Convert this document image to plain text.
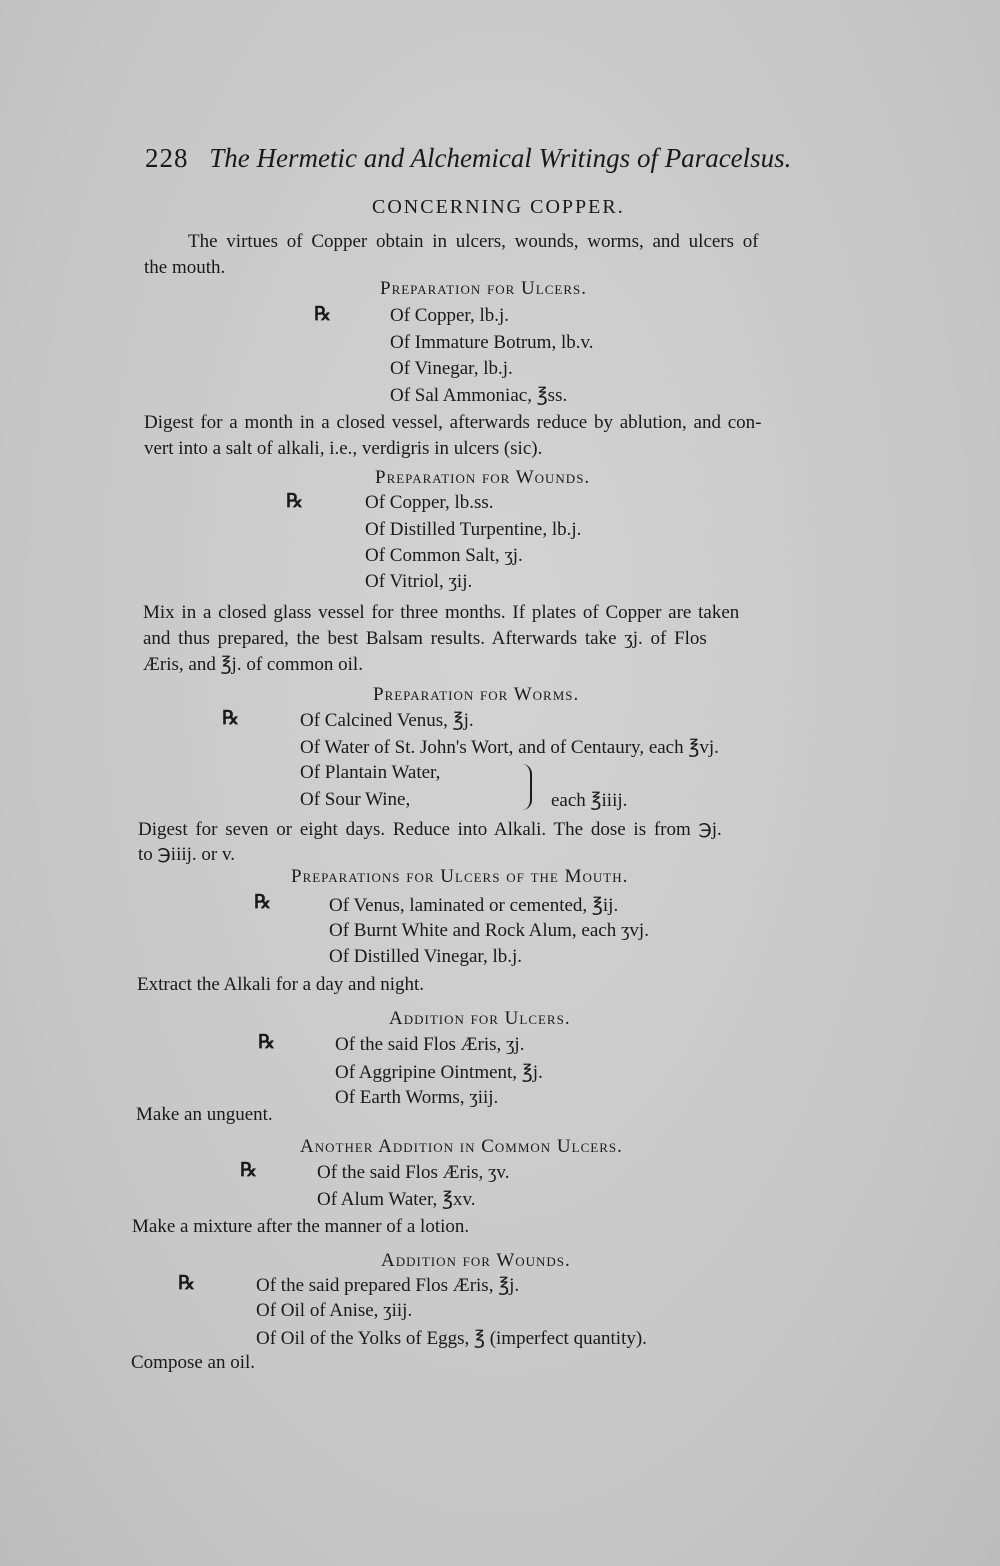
228 The Hermetic and Alchemical Writings of Paracelsus.
CONCERNING COPPER.
The virtues of Copper obtain in ulcers, wounds, worms, and ulcers of
the mouth.
Preparation for Ulcers.
℞	Of Copper, lb.j.
Of Immature Botrum, lb.v.
Of Vinegar, lb.j.
Of Sal Ammoniac, ℥ss.
Digest for a month in a closed vessel, afterwards reduce by ablution, and con-
vert into a salt of alkali, i.e., verdigris in ulcers (sic).
Preparation for Wounds.
℞	Of Copper, lb.ss.
Of Distilled Turpentine, lb.j.
Of Common Salt, ʒj.
Of Vitriol, ʒij.
Mix in a closed glass vessel for three months. If plates of Copper are taken
and thus prepared, the best Balsam results. Afterwards take ʒj. of Flos
Æris, and ℥j. of common oil.
Preparation for Worms.
℞	Of Calcined Venus, ℥j.
Of Water of St. John's Wort, and of Centaury, each ℥vj.
Of Plantain Water,
Of Sour Wine,	each ℥iiij.
Digest for seven or eight days. Reduce into Alkali. The dose is from ℈j.
to ℈iiij. or v.
Preparations for Ulcers of the Mouth.
℞	Of Venus, laminated or cemented, ℥ij.
Of Burnt White and Rock Alum, each ʒvj.
Of Distilled Vinegar, lb.j.
Extract the Alkali for a day and night.
Addition for Ulcers.
℞	Of the said Flos Æris, ʒj.
Of Aggripine Ointment, ℥j.
Of Earth Worms, ʒiij.
Make an unguent.
Another Addition in Common Ulcers.
℞	Of the said Flos Æris, ʒv.
Of Alum Water, ℥xv.
Make a mixture after the manner of a lotion.
Addition for Wounds.
℞	Of the said prepared Flos Æris, ℥j.
Of Oil of Anise, ʒiij.
Of Oil of the Yolks of Eggs, ℥ (imperfect quantity).
Compose an oil.
